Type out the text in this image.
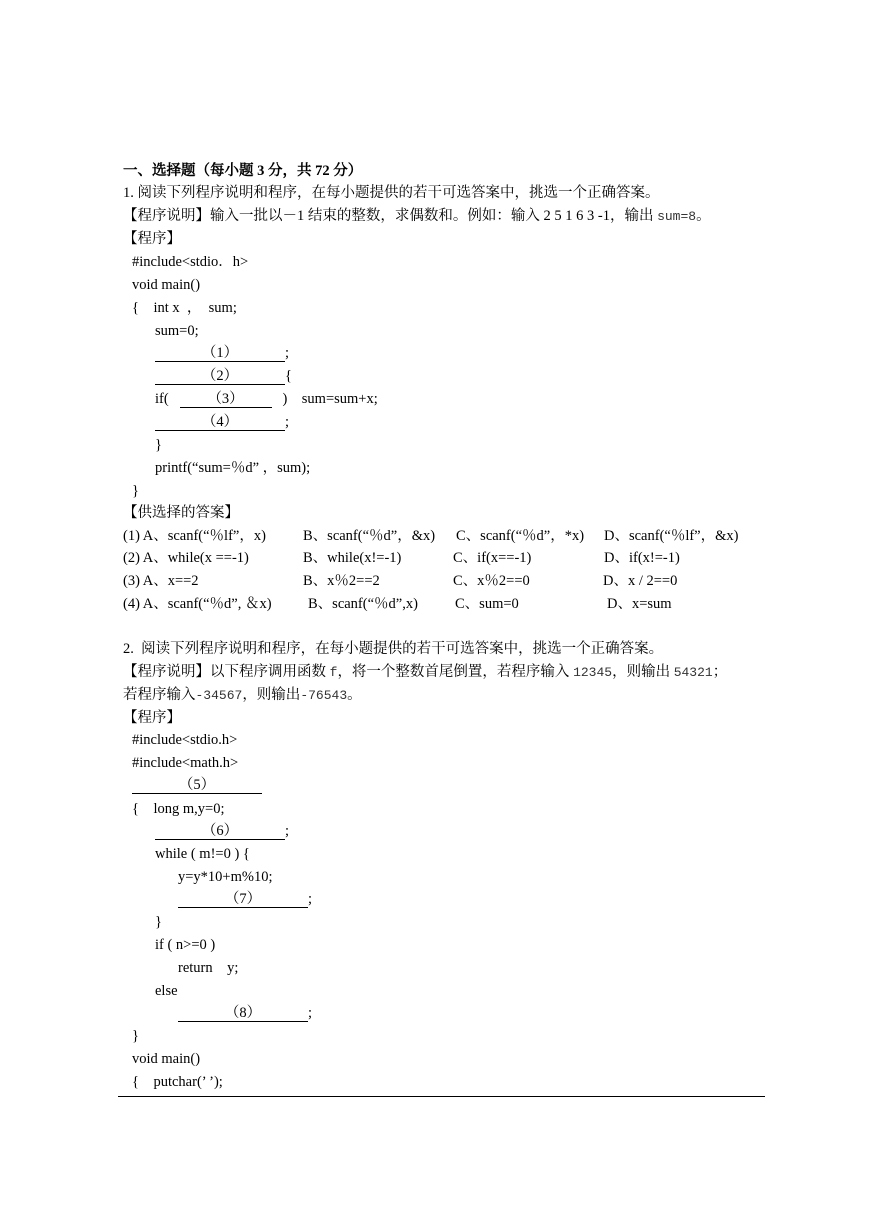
一、选择题（每小题 3 分，共 72 分）
1. 阅读下列程序说明和程序，在每小题提供的若干可选答案中，挑选一个正确答案。
【程序说明】输入一批以－1 结束的整数，求偶数和。例如：输入 2 5 1 6 3 -1，输出 sum=8。
【程序】
#include<stdio．h>
void main()
{    int x  ，  sum;
sum=0;
（1）	;
（2）	{
if(	（3）	)    sum=sum+x;
（4）	;
}
printf(“sum=％d” ，sum);
}
【供选择的答案】
(1) A、scanf(“％lf”，x)	B、scanf(“％d”，&x) C、scanf(“％d”，*x) D、scanf(“％lf”，&x)
(2) A、while(x ==-1)	B、while(x!=-1)	C、if(x==-1)	D、if(x!=-1)
(3) A、x==2	B、x％2==2	C、x％2==0	D、x / 2==0
(4) A、scanf(“％d”, ＆x)	B、scanf(“％d”,x)	C、sum=0	D、x=sum
2.  阅读下列程序说明和程序，在每小题提供的若干可选答案中，挑选一个正确答案。
【程序说明】以下程序调用函数 f，将一个整数首尾倒置，若程序输入 12345，则输出 54321；
若程序输入-34567，则输出-76543。
【程序】
#include<stdio.h>
#include<math.h>
（5）
{    long m,y=0;
（6）	;
while ( m!=0 ) {
y=y*10+m%10;
（7）	;
}
if ( n>=0 )
return    y;
else
（8）	;
}
void main()
{    putchar(’ ’);
